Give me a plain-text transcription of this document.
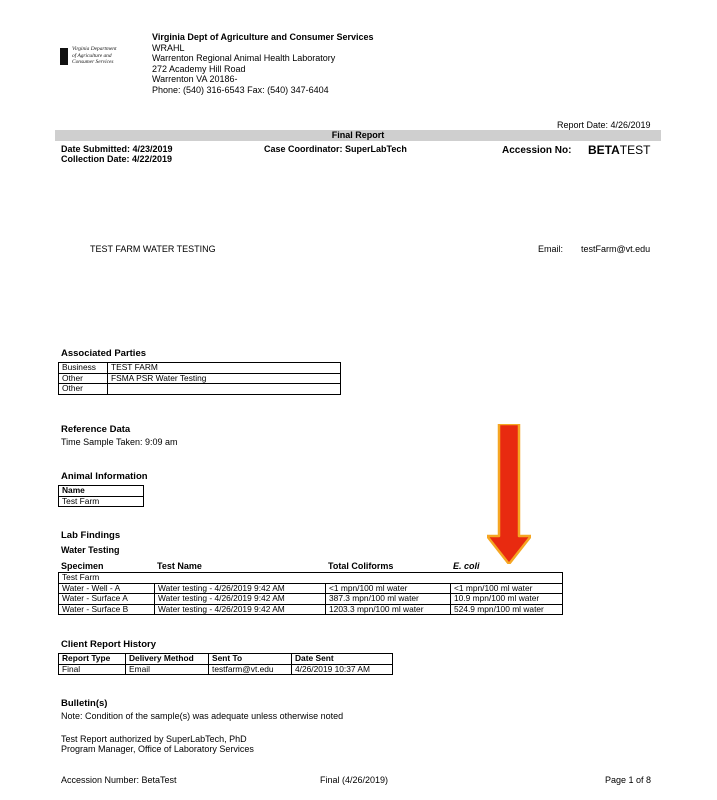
Virginia Department
of Agriculture and
Consumer Services
Virginia Dept of Agriculture and Consumer Services
WRAHL
Warrenton Regional Animal Health Laboratory
272 Academy Hill Road
Warrenton VA 20186-
Phone: (540) 316-6543 Fax: (540) 347-6404
Report Date: 4/26/2019
Final Report
Date Submitted: 4/23/2019
Collection Date: 4/22/2019
Case Coordinator: SuperLabTech	Accession No: BETATEST
TEST FARM WATER TESTING	Email: testFarm@vt.edu
Associated Parties
Business	TEST FARM
Other	FSMA PSR Water Testing
Other	
Reference Data
Time Sample Taken: 9:09 am
Animal Information
Name
Test Farm
Lab Findings
Water Testing
Specimen	Test Name	Total Coliforms	E. coli
Test Farm			
Water - Well - A	Water testing - 4/26/2019 9:42 AM	<1 mpn/100 ml water	<1 mpn/100 ml water
Water - Surface A	Water testing - 4/26/2019 9:42 AM	387.3 mpn/100 ml water	10.9 mpn/100 ml water
Water - Surface B	Water testing - 4/26/2019 9:42 AM	1203.3 mpn/100 ml water	524.9 mpn/100 ml water
Client Report History
Report Type	Delivery Method	Sent To	Date Sent
Final	Email	testfarm@vt.edu	4/26/2019 10:37 AM
Bulletin(s)
Note: Condition of the sample(s) was adequate unless otherwise noted
Test Report authorized by SuperLabTech, PhD
Program Manager, Office of Laboratory Services
Accession Number: BetaTest	Final (4/26/2019)	Page 1 of 8
